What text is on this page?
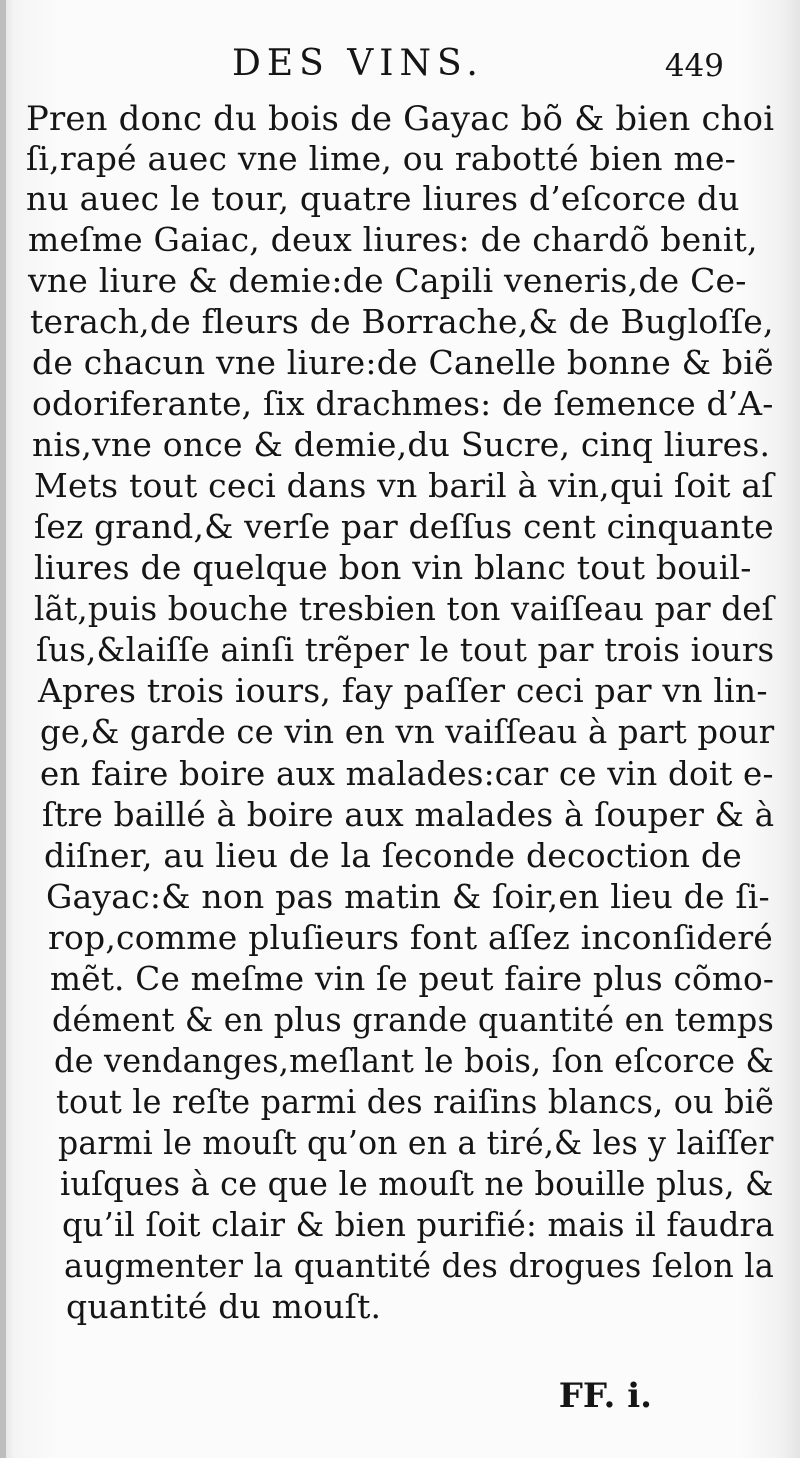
DES VINS.	449
Pren donc du bois de Gayac bõ & bien choi
ſi,rapé auec vne lime, ou rabotté bien me-
nu auec le tour, quatre liures d’eſcorce du
meſme Gaiac, deux liures: de chardõ benit,
vne liure & demie:de Capili veneris,de Ce-
terach,de fleurs de Borrache,& de Bugloſſe,
de chacun vne liure:de Canelle bonne & biẽ
odoriferante, ſix drachmes: de ſemence d’A-
nis,vne once & demie,du Sucre, cinq liures.
Mets tout ceci dans vn baril à vin,qui ſoit aſ
ſez grand,& verſe par deſſus cent cinquante
liures de quelque bon vin blanc tout bouil-
lãt,puis bouche tresbien ton vaiſſeau par deſ
ſus,&laiſſe ainſi trẽper le tout par trois iours
Apres trois iours, fay paſſer ceci par vn lin-
ge,& garde ce vin en vn vaiſſeau à part pour
en faire boire aux malades:car ce vin doit e-
ſtre baillé à boire aux malades à ſouper & à
diſner, au lieu de la ſeconde decoction de
Gayac:& non pas matin & ſoir,en lieu de ſi-
rop,comme pluſieurs font aſſez inconſideré
mẽt. Ce meſme vin ſe peut faire plus cõmo-
dément & en plus grande quantité en temps
de vendanges,meſlant le bois, ſon eſcorce &
tout le reſte parmi des raiſins blancs, ou biẽ
parmi le mouſt qu’on en a tiré,& les y laiſſer
iuſques à ce que le mouſt ne bouille plus, &
qu’il ſoit clair & bien purifié: mais il faudra
augmenter la quantité des drogues ſelon la
quantité du mouſt.
FF. i.
